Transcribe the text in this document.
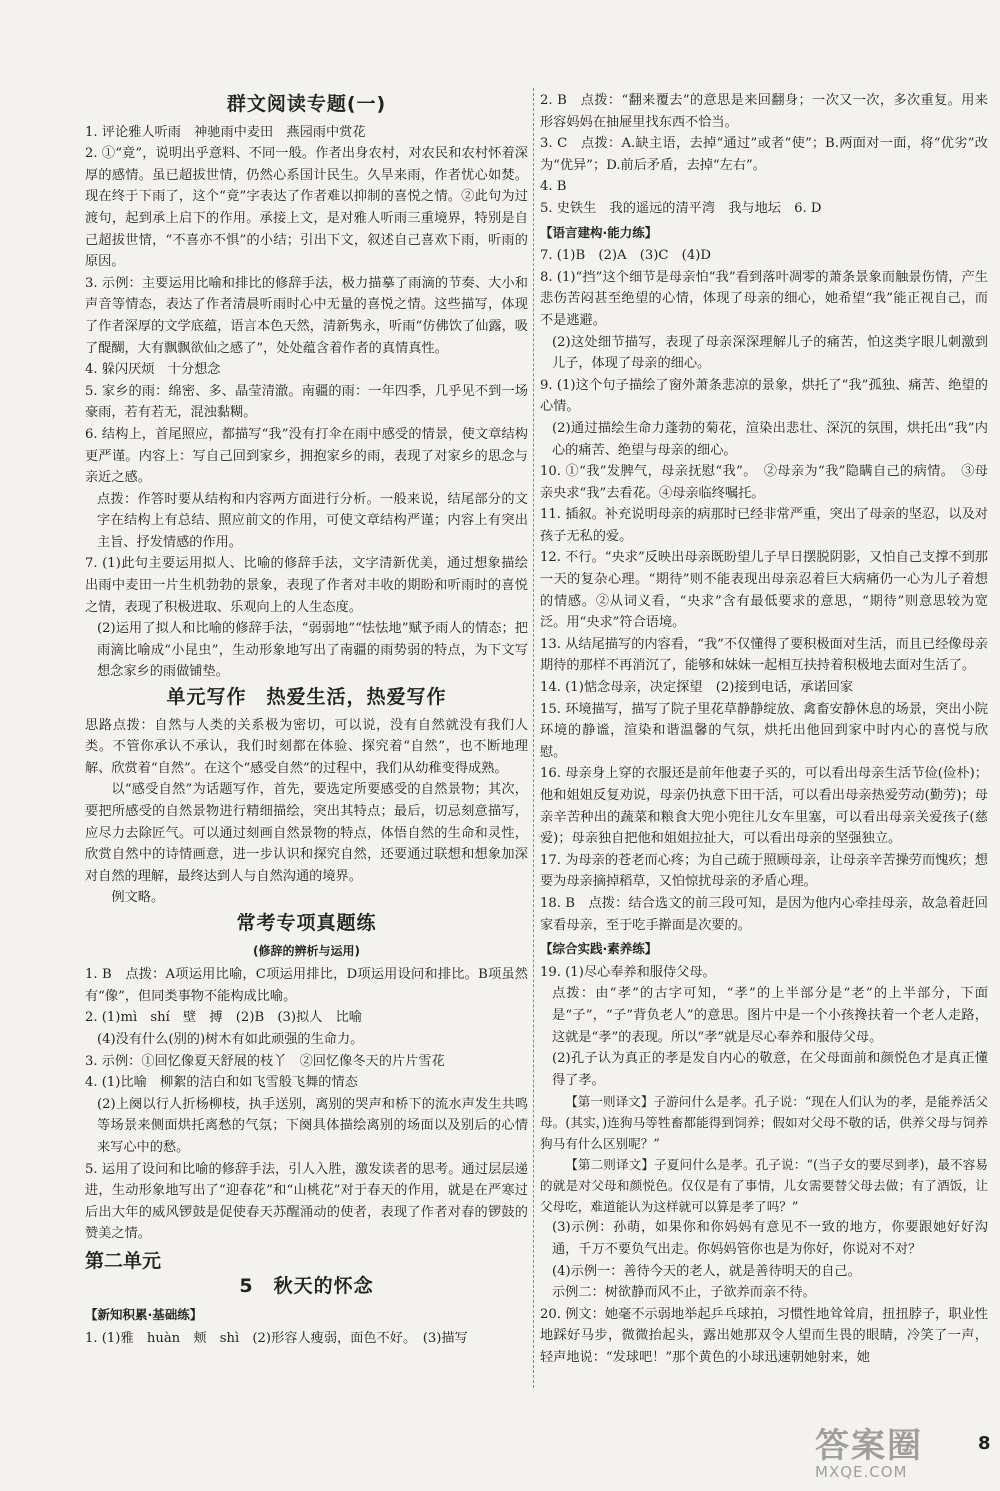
群文阅读专题(一)

1. 评论雅人听雨　神驰雨中麦田　燕园雨中赏花

2. ①“竟”，说明出乎意料、不同一般。作者出身农村，对农民和农村怀着深厚的感情。虽已超拔世情，仍然心系国计民生。久旱来雨，作者忧心如焚。现在终于下雨了，这个“竟”字表达了作者难以抑制的喜悦之情。②此句为过渡句，起到承上启下的作用。承接上文，是对雅人听雨三重境界，特别是自己超拔世情，“不喜亦不惧”的小结；引出下文，叙述自己喜欢下雨，听雨的原因。

3. 示例：主要运用比喻和排比的修辞手法，极力描摹了雨滴的节奏、大小和声音等情态，表达了作者清晨听雨时心中无量的喜悦之情。这些描写，体现了作者深厚的文学底蕴，语言本色天然，清新隽永，听雨“仿佛饮了仙露，吸了醍醐，大有飘飘欲仙之感了”，处处蕴含着作者的真情真性。

4. 躲闪厌烦　十分想念

5. 家乡的雨：绵密、多、晶莹清澈。南疆的雨：一年四季，几乎见不到一场豪雨，若有若无，混浊黏糊。

6. 结构上，首尾照应，都描写“我”没有打伞在雨中感受的情景，使文章结构更严谨。内容上：写自己回到家乡，拥抱家乡的雨，表现了对家乡的思念与亲近之感。

点拨：作答时要从结构和内容两方面进行分析。一般来说，结尾部分的文字在结构上有总结、照应前文的作用，可使文章结构严谨；内容上有突出主旨、抒发情感的作用。

7. (1)此句主要运用拟人、比喻的修辞手法，文字清新优美，通过想象描绘出雨中麦田一片生机勃勃的景象，表现了作者对丰收的期盼和听雨时的喜悦之情，表现了积极进取、乐观向上的人生态度。

(2)运用了拟人和比喻的修辞手法，“弱弱地”“怯怯地”赋予雨人的情态；把雨滴比喻成“小昆虫”，生动形象地写出了南疆的雨势弱的特点，为下文写想念家乡的雨做铺垫。

单元写作　热爱生活，热爱写作

思路点拨：自然与人类的关系极为密切，可以说，没有自然就没有我们人类。不管你承认不承认，我们时刻都在体验、探究着“自然”，也不断地理解、欣赏着“自然”。在这个“感受自然”的过程中，我们从幼稚变得成熟。

以“感受自然”为话题写作，首先，要选定所要感受的自然景物；其次，要把所感受的自然景物进行精细描绘，突出其特点；最后，切忌刻意描写，应尽力去除匠气。可以通过刻画自然景物的特点，体悟自然的生命和灵性，欣赏自然中的诗情画意，进一步认识和探究自然，还要通过联想和想象加深对自然的理解，最终达到人与自然沟通的境界。

例文略。

常考专项真题练
(修辞的辨析与运用)

1. B　点拨：A项运用比喻，C项运用排比，D项运用设问和排比。B项虽然有“像”，但同类事物不能构成比喻。

2. (1)mì　shí　壁　搏　(2)B　(3)拟人　比喻

(4)没有什么(别的)树木有如此顽强的生命力。

3. 示例：①回忆像夏天舒展的枝丫　②回忆像冬天的片片雪花

4. (1)比喻　柳絮的洁白和如飞雪般飞舞的情态

(2)上阕以行人折杨柳枝，执手送别，离别的哭声和桥下的流水声发生共鸣等场景来侧面烘托离愁的气氛；下阕具体描绘离别的场面以及别后的心情来写心中的愁。

5. 运用了设问和比喻的修辞手法，引人入胜，激发读者的思考。通过层层递进，生动形象地写出了“迎春花”和“山桃花”对于春天的作用，就是在严寒过后出大年的威风锣鼓是促使春天苏醒涌动的使者，表现了作者对春的锣鼓的赞美之情。

第二单元
5　秋天的怀念
【新知积累·基础练】

1. (1)雅　huàn　颊　shì　(2)形容人瘦弱，面色不好。　(3)描写

2. B　点拨：“翻来覆去”的意思是来回翻身；一次又一次，多次重复。用来形容妈妈在抽屉里找东西不恰当。

3. C　点拨：A.缺主语，去掉“通过”或者“使”；B.两面对一面，将“优劣”改为“优异”；D.前后矛盾，去掉“左右”。

4. B

5. 史铁生　我的遥远的清平湾　我与地坛　6. D

【语言建构·能力练】

7. (1)B　(2)A　(3)C　(4)D

8. (1)“挡”这个细节是母亲怕“我”看到落叶凋零的萧条景象而触景伤情，产生悲伤苦闷甚至绝望的心情，体现了母亲的细心，她希望“我”能正视自己，而不是逃避。

(2)这处细节描写，表现了母亲深深理解儿子的痛苦，怕这类字眼儿刺激到儿子，体现了母亲的细心。

9. (1)这个句子描绘了窗外萧条悲凉的景象，烘托了“我”孤独、痛苦、绝望的心情。

(2)通过描绘生命力蓬勃的菊花，渲染出悲壮、深沉的氛围，烘托出“我”内心的痛苦、绝望与母亲的细心。

10. ①“我”发脾气，母亲抚慰“我”。　②母亲为“我”隐瞒自己的病情。　③母亲央求“我”去看花。④母亲临终嘱托。

11. 插叙。补充说明母亲的病那时已经非常严重，突出了母亲的坚忍，以及对孩子无私的爱。

12. 不行。“央求”反映出母亲既盼望儿子早日摆脱阴影，又怕自己支撑不到那一天的复杂心理。“期待”则不能表现出母亲忍着巨大病痛仍一心为儿子着想的情感。②从词义看，“央求”含有最低要求的意思，“期待”则意思较为宽泛。用“央求”符合语境。

13. 从结尾描写的内容看，“我”不仅懂得了要积极面对生活，而且已经像母亲期待的那样不再消沉了，能够和妹妹一起相互扶持着积极地去面对生活了。

14. (1)惦念母亲，决定探望　(2)接到电话，承诺回家

15. 环境描写，描写了院子里花草静静绽放、禽畜安静休息的场景，突出小院环境的静谧，渲染和谐温馨的气氛，烘托出他回到家中时内心的喜悦与欣慰。

16. 母亲身上穿的衣服还是前年他妻子买的，可以看出母亲生活节俭(俭朴)；他和姐姐反复劝说，母亲仍执意下田干活，可以看出母亲热爱劳动(勤劳)；母亲辛苦种出的蔬菜和粮食大兜小兜往儿女车里塞，可以看出母亲关爱孩子(慈爱)；母亲独自把他和姐姐拉扯大，可以看出母亲的坚强独立。

17. 为母亲的苍老而心疼；为自己疏于照顾母亲，让母亲辛苦操劳而愧疚；想要为母亲摘掉稻草，又怕惊扰母亲的矛盾心理。

18. B　点拨：结合选文的前三段可知，是因为他内心牵挂母亲，故急着赶回家看母亲，至于吃手擀面是次要的。

【综合实践·素养练】

19. (1)尽心奉养和服侍父母。

点拨：由“孝”的古字可知，“孝”的上半部分是“老”的上半部分，下面是“子”，“子”背负老人”的意思。图片中是一个小孩搀扶着一个老人走路，这就是“孝”的表现。所以“孝”就是尽心奉养和服侍父母。

(2)孔子认为真正的孝是发自内心的敬意，在父母面前和颜悦色才是真正懂得了孝。

【第一则译文】子游问什么是孝。孔子说：“现在人们认为的孝，是能养活父母。(其实，)连狗马等牲畜都能得到饲养；假如对父母不敬的话，供养父母与饲养狗马有什么区别呢？”

【第二则译文】子夏问什么是孝。孔子说：“(当子女的要尽到孝)，最不容易的就是对父母和颜悦色。仅仅是有了事情，儿女需要替父母去做；有了酒饭，让父母吃，难道能认为这样就可以算是孝了吗？”

(3)示例：孙萌，如果你和你妈妈有意见不一致的地方，你要跟她好好沟通，千万不要负气出走。你妈妈管你也是为你好，你说对不对？

(4)示例一：善待今天的老人，就是善待明天的自己。

示例二：树欲静而风不止，子欲养而亲不待。

20. 例文：她毫不示弱地举起乒乓球拍，习惯性地耸耸肩，扭扭脖子，职业性地踩好马步，微微抬起头，露出她那双令人望而生畏的眼睛，冷笑了一声，轻声地说：“发球吧！”那个黄色的小球迅速朝她射来，她

8
答案圈
MXQE.COM
